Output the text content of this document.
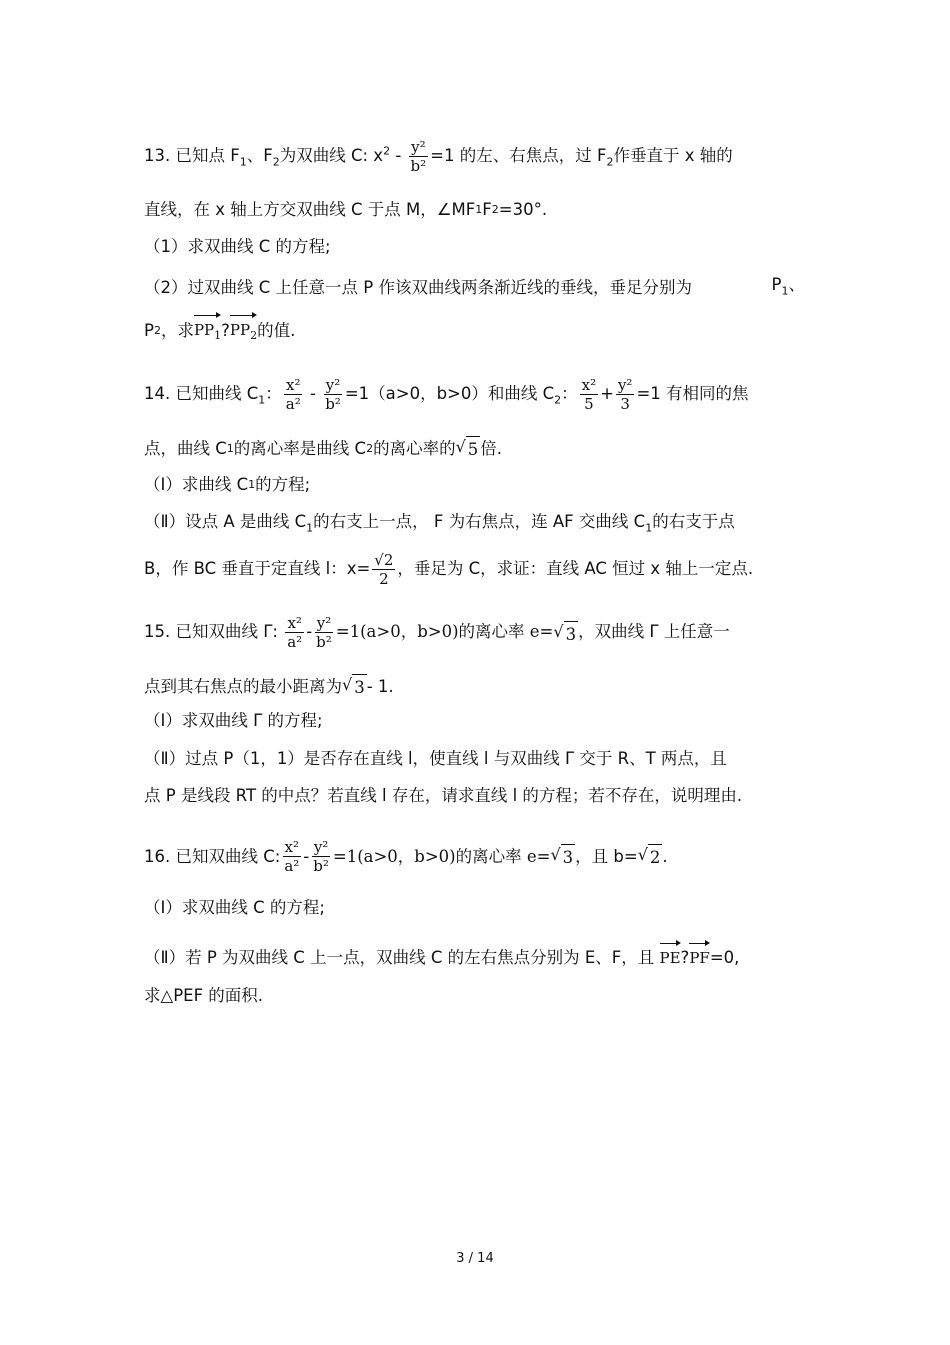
13. 已知点 $F_1$、$F_2$为双曲线 C: $x^2 - \frac{\text{y²}}{\text{b²}} =1$ 的左、右焦点，过 $F_2$作垂直于 x 轴的
直线，在 x 轴上方交双曲线 C 于点 M，∠MF 1 F 2 =30°.
（1）求双曲线 C 的方程;
（2）过双曲线 C 上任意一点 P 作该双曲线两条渐近线的垂线，垂足分别为	$P_1$、
P 2 ，求 $PP_1$ ? $PP_2$ 的值.
14. 已知曲线 $C_1$： $\frac{\text{x²}}{\text{a²}} - \frac{\text{y²}}{\text{b²}} =1(a>0$，b>0）和曲线 $C_2$： $\frac{\text{x²}}{5} + \frac{\text{y²}}{3} =1$ 有相同的焦
点，曲线 C 1 的离心率是曲线 C 2 的离心率的 √ 5 倍.
（Ⅰ）求曲线 C 1 的方程;
（Ⅱ）设点 A 是曲线 $C_1$的右支上一点， F 为右焦点，连 AF 交曲线 $C_1$的右支于点
B，作 BC 垂直于定直线 l：$x= \frac{√2}{2}$ ，垂足为 C，求证：直线 AC 恒过 x 轴上一定点.
15. 已知双曲线 Γ: $\frac{\text{x²}}{\text{a²}} - \frac{\text{y²}}{\text{b²}} =1(a>0$，b>0)的离心率 e= √ 3 ，双曲线 Γ 上任意一
点到其右焦点的最小距离为 √ 3 - 1.
（Ⅰ）求双曲线 Γ 的方程;
（Ⅱ）过点 P（1，1）是否存在直线 l，使直线 l 与双曲线 Γ 交于 R、T 两点，且
点 P 是线段 RT 的中点？若直线 l 存在，请求直线 l 的方程；若不存在，说明理由.
16. 已知双曲线 C: $\frac{\text{x²}}{\text{a²}} - \frac{\text{y²}}{\text{b²}} =1(a>0$，b>0)的离心率 e= √ 3 ，且 b= √ 2 .
（Ⅰ）求双曲线 C 的方程;
（Ⅱ）若 P 为双曲线 C 上一点，双曲线 C 的左右焦点分别为 E、F，且 PE?PF=0,
求△PEF 的面积.
3 / 14
